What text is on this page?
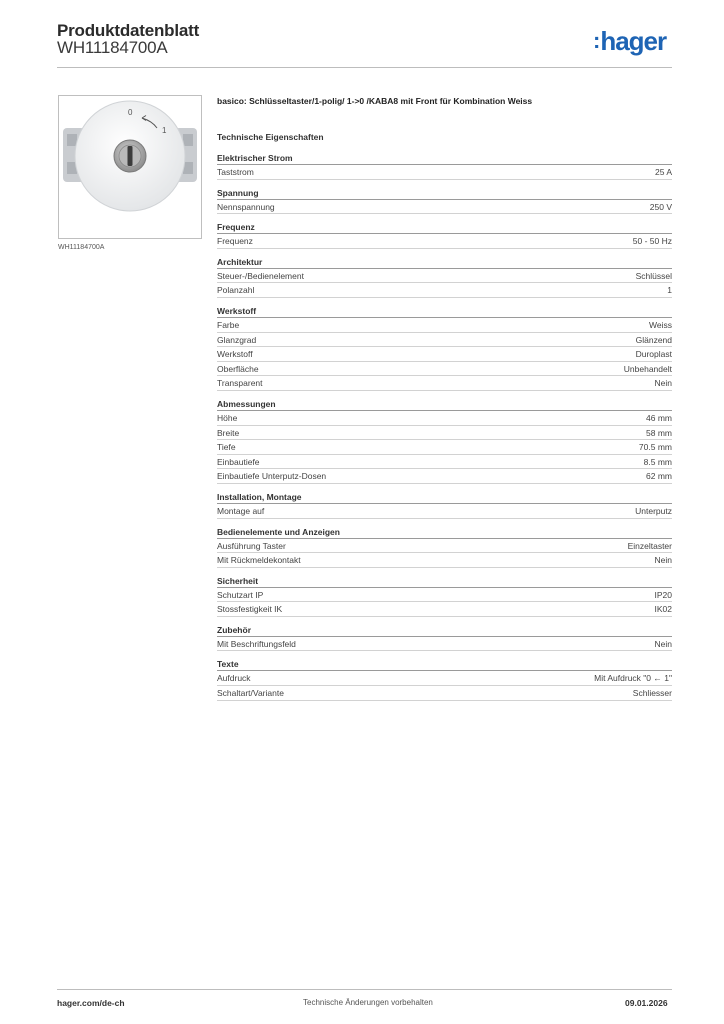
Produktdatenblatt
WH11184700A	:hager
0
1
WH11184700A
basico: Schlüsseltaster/1-polig/ 1->0 /KABA8 mit Front für Kombination Weiss
Technische Eigenschaften
Elektrischer Strom
Taststrom	25 A
Spannung
Nennspannung	250 V
Frequenz
Frequenz	50 - 50 Hz
Architektur
Steuer-/Bedienelement	Schlüssel
Polanzahl	1
Werkstoff
Farbe	Weiss
Glanzgrad	Glänzend
Werkstoff	Duroplast
Oberfläche	Unbehandelt
Transparent	Nein
Abmessungen
Höhe	46 mm
Breite	58 mm
Tiefe	70.5 mm
Einbautiefe	8.5 mm
Einbautiefe Unterputz-Dosen	62 mm
Installation, Montage
Montage auf	Unterputz
Bedienelemente und Anzeigen
Ausführung Taster	Einzeltaster
Mit Rückmeldekontakt	Nein
Sicherheit
Schutzart IP	IP20
Stossfestigkeit IK	IK02
Zubehör
Mit Beschriftungsfeld	Nein
Texte
Aufdruck	Mit Aufdruck "0 ← 1"
Schaltart/Variante	Schliesser
hager.com/de-ch	Technische Änderungen vorbehalten	09.01.2026
